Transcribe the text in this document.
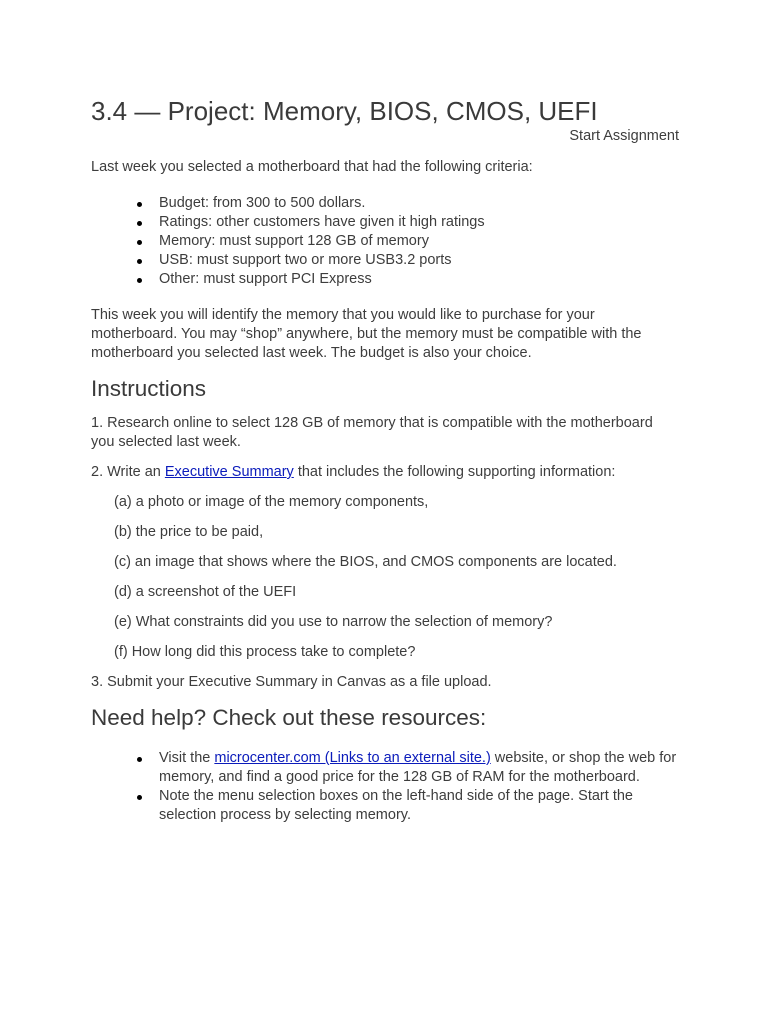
3.4 — Project: Memory, BIOS, CMOS, UEFI
Start Assignment

Last week you selected a motherboard that had the following criteria:

Budget: from 300 to 500 dollars.
Ratings: other customers have given it high ratings
Memory: must support 128 GB of memory
USB: must support two or more USB3.2 ports
Other: must support PCI Express

This week you will identify the memory that you would like to purchase for your motherboard. You may “shop” anywhere, but the memory must be compatible with the motherboard you selected last week. The budget is also your choice.

Instructions

1. Research online to select 128 GB of memory that is compatible with the motherboard you selected last week.

2. Write an Executive Summary that includes the following supporting information:

(a) a photo or image of the memory components,

(b) the price to be paid,

(c) an image that shows where the BIOS, and CMOS components are located.

(d) a screenshot of the UEFI

(e) What constraints did you use to narrow the selection of memory?

(f) How long did this process take to complete?

3. Submit your Executive Summary in Canvas as a file upload.

Need help? Check out these resources:
Visit the microcenter.com (Links to an external site.) website, or shop the web for memory, and find a good price for the 128 GB of RAM for the motherboard.
Note the menu selection boxes on the left-hand side of the page. Start the selection process by selecting memory.
